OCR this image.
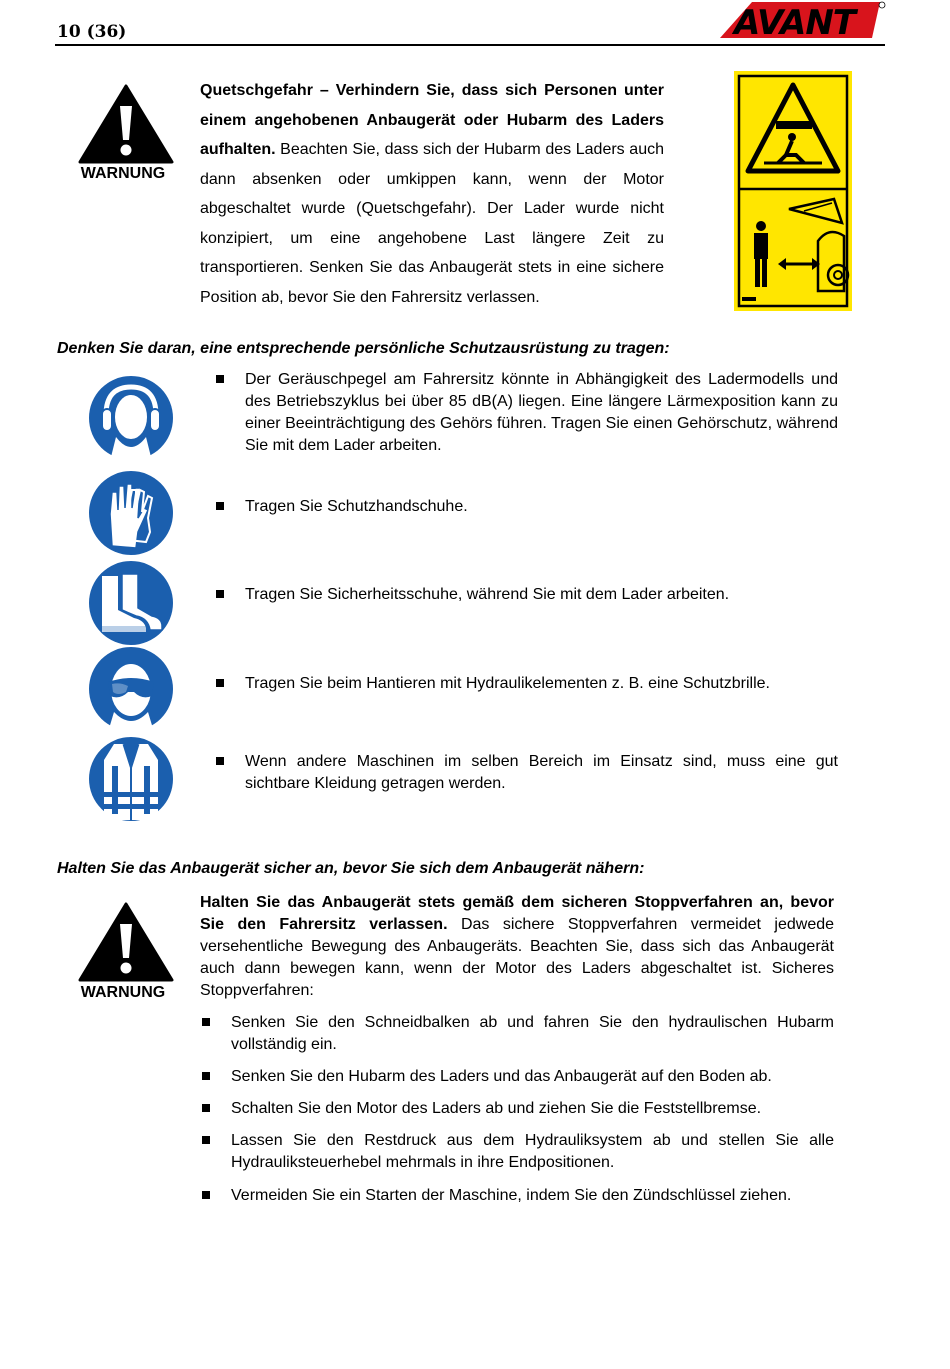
10 (36)	AVANT
WARNUNG
Quetschgefahr – Verhindern Sie, dass sich Personen unter einem angehobenen Anbaugerät oder Hubarm des Laders aufhalten. Beachten Sie, dass sich der Hubarm des Laders auch dann absenken oder umkippen kann, wenn der Motor abgeschaltet wurde (Quetschgefahr). Der Lader wurde nicht konzipiert, um eine angehobene Last längere Zeit zu transportieren. Senken Sie das Anbaugerät stets in eine sichere Position ab, bevor Sie den Fahrersitz verlassen.
Denken Sie daran, eine entsprechende persönliche Schutzausrüstung zu tragen:
Der Geräuschpegel am Fahrersitz könnte in Abhängigkeit des Ladermodells und des Betriebszyklus bei über 85 dB(A) liegen. Eine längere Lärmexposition kann zu einer Beeinträchtigung des Gehörs führen. Tragen Sie einen Gehörschutz, während Sie mit dem Lader arbeiten.
Tragen Sie Schutzhandschuhe.
Tragen Sie Sicherheitsschuhe, während Sie mit dem Lader arbeiten.
Tragen Sie beim Hantieren mit Hydraulikelementen z. B. eine Schutzbrille.
Wenn andere Maschinen im selben Bereich im Einsatz sind, muss eine gut sichtbare Kleidung getragen werden.
Halten Sie das Anbaugerät sicher an, bevor Sie sich dem Anbaugerät nähern:
WARNUNG
Halten Sie das Anbaugerät stets gemäß dem sicheren Stoppverfahren an, bevor Sie den Fahrersitz verlassen. Das sichere Stoppverfahren vermeidet jedwede versehentliche Bewegung des Anbaugeräts. Beachten Sie, dass sich das Anbaugerät auch dann bewegen kann, wenn der Motor des Laders abgeschaltet ist. Sicheres Stoppverfahren:
Senken Sie den Schneidbalken ab und fahren Sie den hydraulischen Hubarm vollständig ein.
Senken Sie den Hubarm des Laders und das Anbaugerät auf den Boden ab.
Schalten Sie den Motor des Laders ab und ziehen Sie die Feststellbremse.
Lassen Sie den Restdruck aus dem Hydrauliksystem ab und stellen Sie alle Hydrauliksteuerhebel mehrmals in ihre Endpositionen.
Vermeiden Sie ein Starten der Maschine, indem Sie den Zündschlüssel ziehen.
